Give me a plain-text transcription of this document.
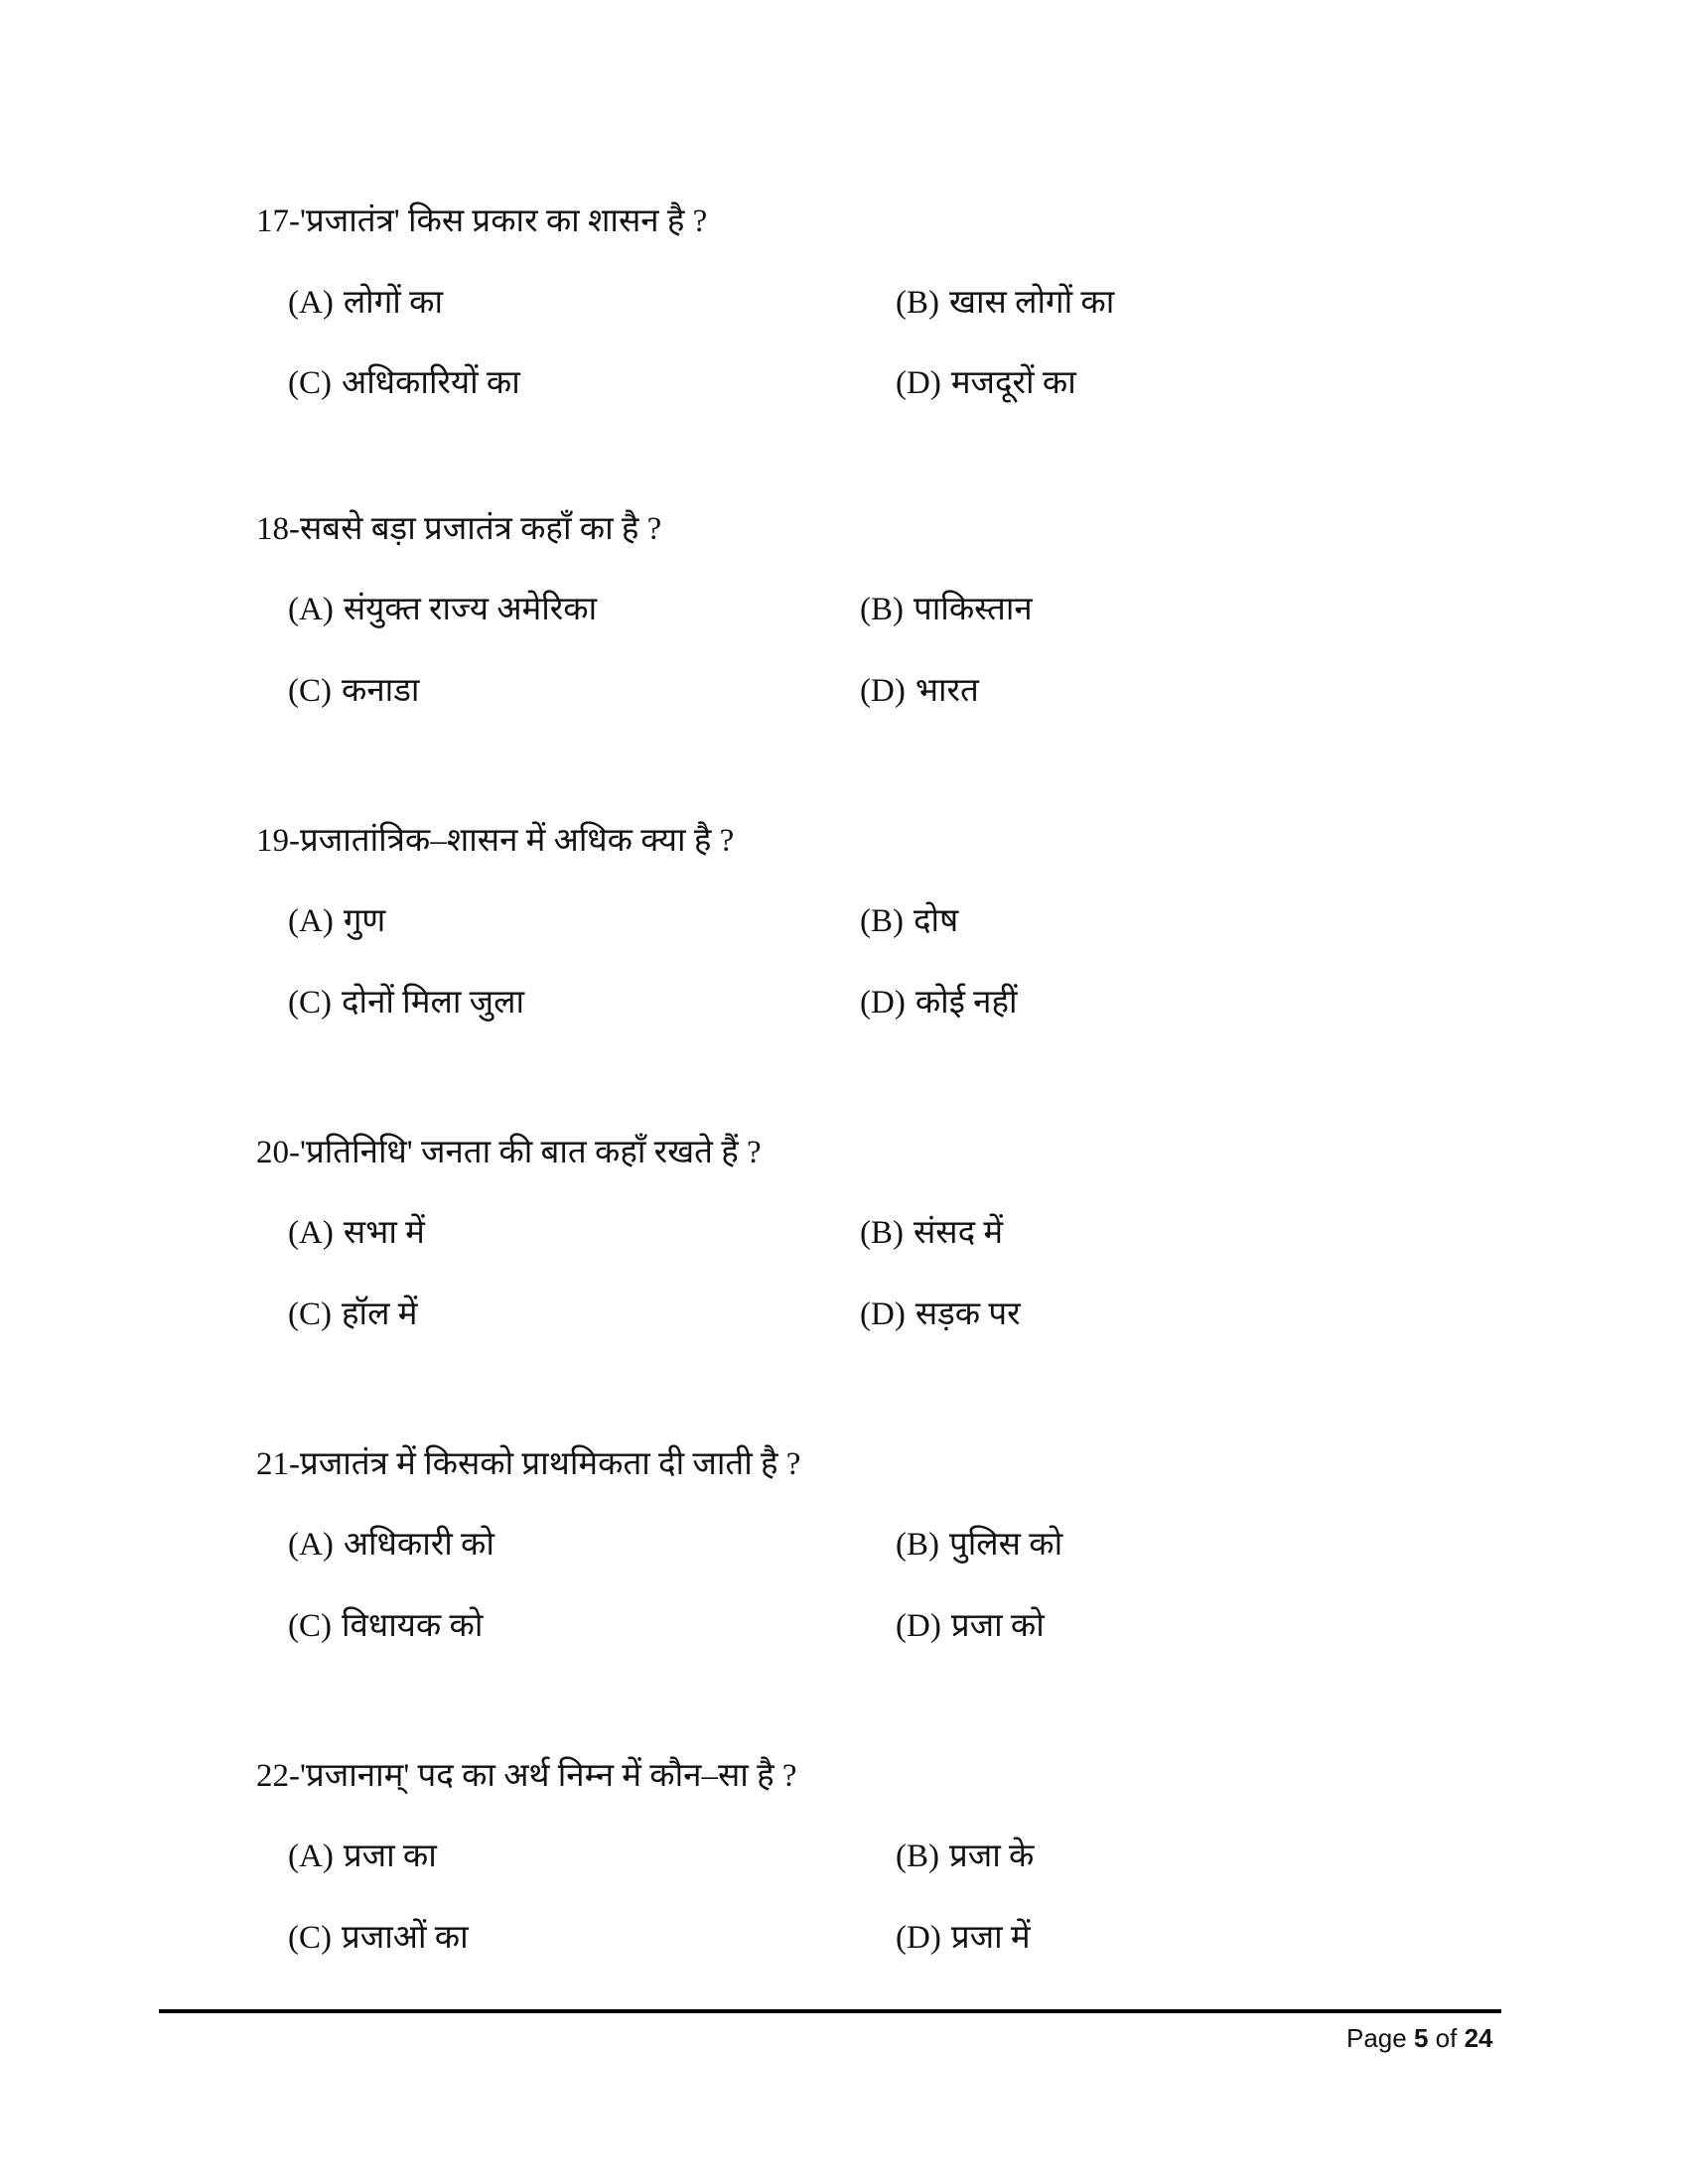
17-'प्रजातंत्र' किस प्रकार का शासन है ?
(A) लोगों का	(B) खास लोगों का
(C) अधिकारियों का	(D) मजदूरों का
18-सबसे बड़ा प्रजातंत्र कहाँ का है ?
(A) संयुक्त राज्य अमेरिका	(B) पाकिस्तान
(C) कनाडा	(D) भारत
19-प्रजातांत्रिक–शासन में अधिक क्या है ?
(A) गुण	(B) दोष
(C) दोनों मिला जुला	(D) कोई नहीं
20-'प्रतिनिधि' जनता की बात कहाँ रखते हैं ?
(A) सभा में	(B) संसद में
(C) हॉल में	(D) सड़क पर
21-प्रजातंत्र में किसको प्राथमिकता दी जाती है ?
(A) अधिकारी को	(B) पुलिस को
(C) विधायक को	(D) प्रजा को
22-'प्रजानाम्' पद का अर्थ निम्न में कौन–सा है ?
(A) प्रजा का	(B) प्रजा के
(C) प्रजाओं का	(D) प्रजा में
Page 5 of 24
